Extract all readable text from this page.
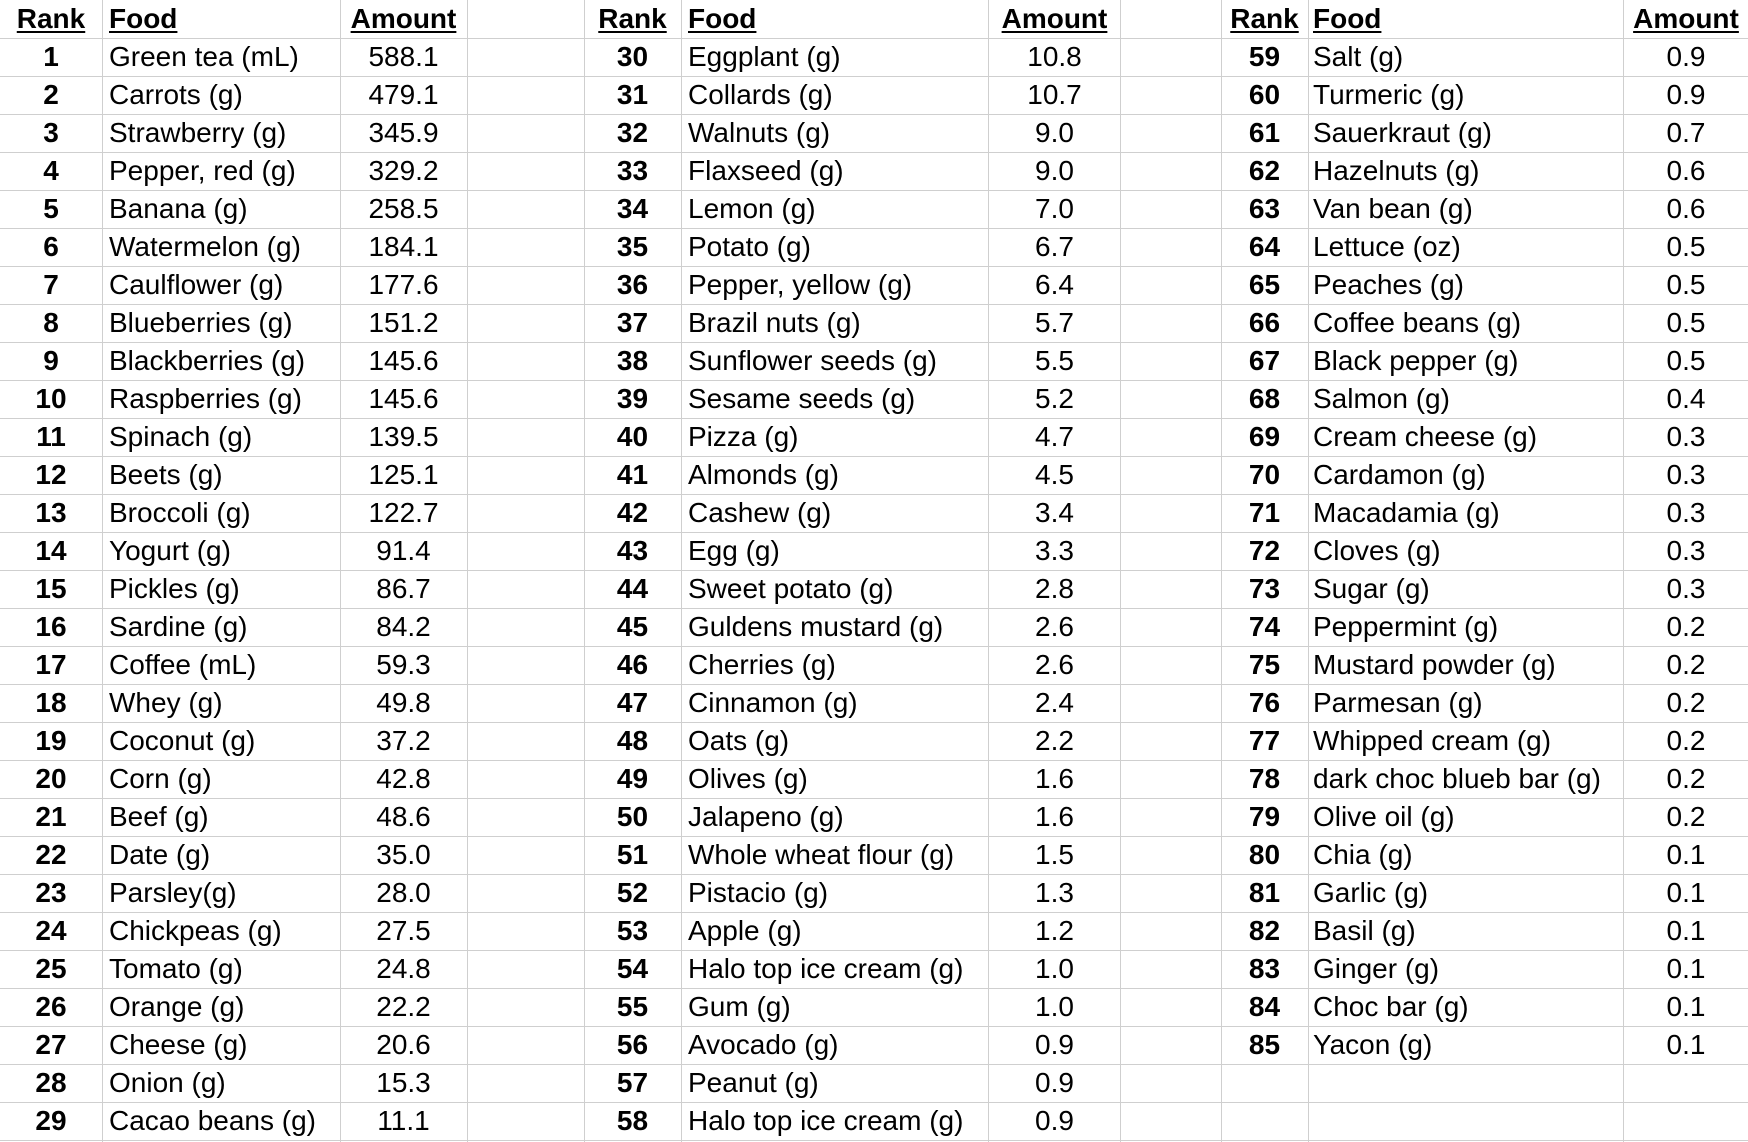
Rank Food	Amount
1	Green tea (mL)	588.1
2	Carrots (g)	479.1
3	Strawberry (g)	345.9
4	Pepper, red (g)	329.2
5	Banana (g)	258.5
6	Watermelon (g)	184.1
7	Caulflower (g)	177.6
8	Blueberries (g)	151.2
9	Blackberries (g)	145.6
10	Raspberries (g)	145.6
11	Spinach (g)	139.5
12	Beets (g)	125.1
13	Broccoli (g)	122.7
14	Yogurt (g)	91.4
15	Pickles (g)	86.7
16	Sardine (g)	84.2
17	Coffee (mL)	59.3
18	Whey (g)	49.8
19	Coconut (g)	37.2
20	Corn (g)	42.8
21	Beef (g)	48.6
22	Date (g)	35.0
23	Parsley(g)	28.0
24	Chickpeas (g)	27.5
25	Tomato (g)	24.8
26	Orange (g)	22.2
27	Cheese (g)	20.6
28	Onion (g)	15.3
29	Cacao beans (g)	11.1
Rank Food	Amount
30	Eggplant (g)	10.8
31	Collards (g)	10.7
32	Walnuts (g)	9.0
33	Flaxseed (g)	9.0
34	Lemon (g)	7.0
35	Potato (g)	6.7
36	Pepper, yellow (g)	6.4
37	Brazil nuts (g)	5.7
38	Sunflower seeds (g)	5.5
39	Sesame seeds (g)	5.2
40	Pizza (g)	4.7
41	Almonds (g)	4.5
42	Cashew (g)	3.4
43	Egg (g)	3.3
44	Sweet potato (g)	2.8
45	Guldens mustard (g)	2.6
46	Cherries (g)	2.6
47	Cinnamon (g)	2.4
48	Oats (g)	2.2
49	Olives (g)	1.6
50	Jalapeno (g)	1.6
51	Whole wheat flour (g)	1.5
52	Pistacio (g)	1.3
53	Apple (g)	1.2
54	Halo top ice cream (g)	1.0
55	Gum (g)	1.0
56	Avocado (g)	0.9
57	Peanut (g)	0.9
58	Halo top ice cream (g)	0.9
Rank Food	Amount
59	Salt (g)	0.9
60	Turmeric (g)	0.9
61	Sauerkraut (g)	0.7
62	Hazelnuts (g)	0.6
63	Van bean (g)	0.6
64	Lettuce (oz)	0.5
65	Peaches (g)	0.5
66	Coffee beans (g)	0.5
67	Black pepper (g)	0.5
68	Salmon (g)	0.4
69	Cream cheese (g)	0.3
70	Cardamon (g)	0.3
71	Macadamia (g)	0.3
72	Cloves (g)	0.3
73	Sugar (g)	0.3
74	Peppermint (g)	0.2
75	Mustard powder (g)	0.2
76	Parmesan (g)	0.2
77	Whipped cream (g)	0.2
78	dark choc blueb bar (g)	0.2
79	Olive oil (g)	0.2
80	Chia (g)	0.1
81	Garlic (g)	0.1
82	Basil (g)	0.1
83	Ginger (g)	0.1
84	Choc bar (g)	0.1
85	Yacon (g)	0.1
